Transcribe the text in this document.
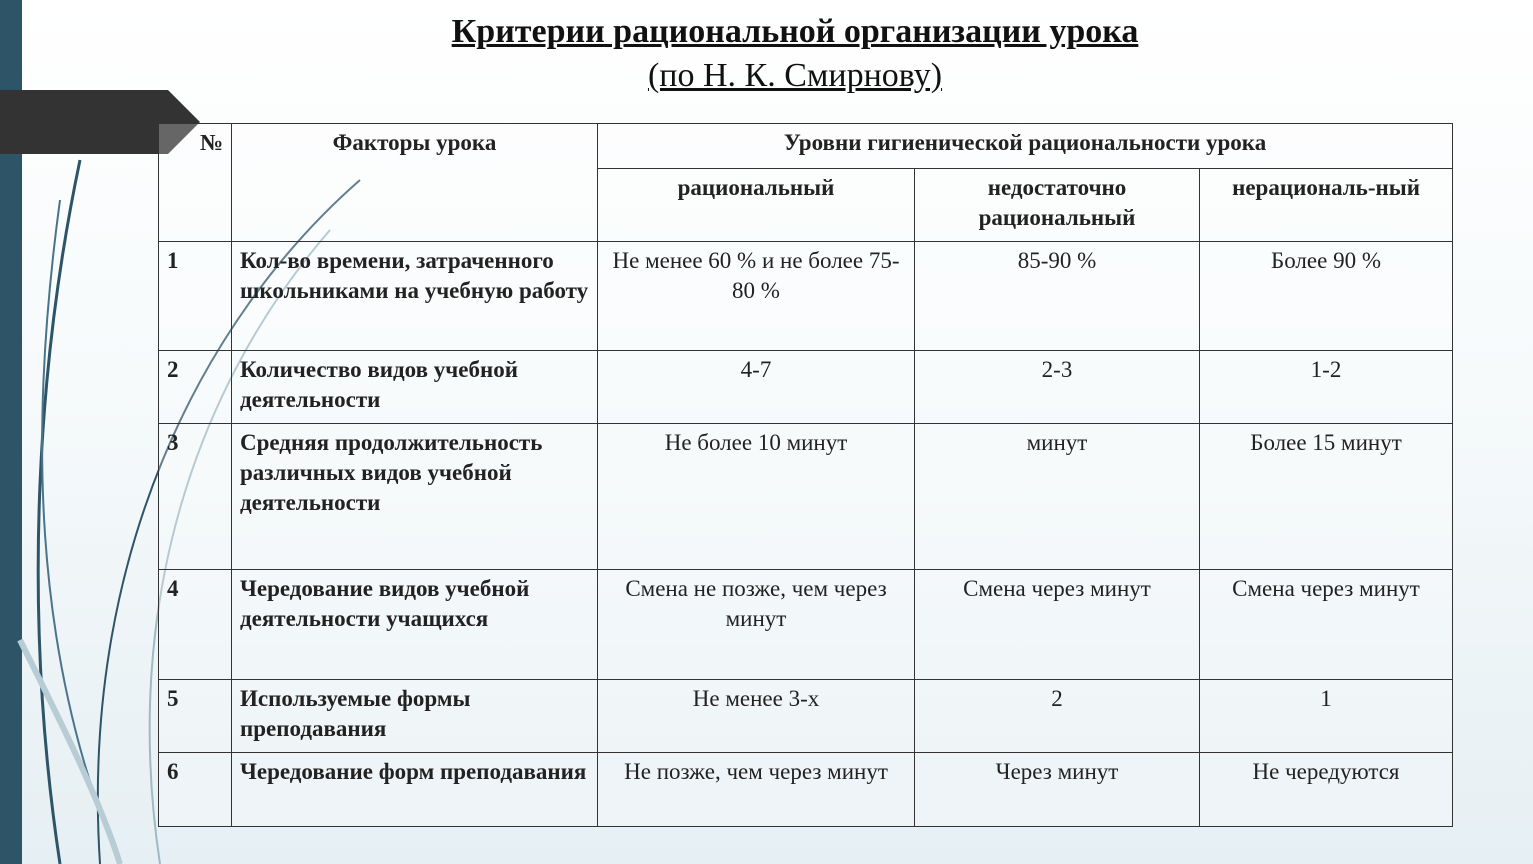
Критерии рациональной организации урока
(по Н. К. Смирнову)
№	Факторы урока	Уровни гигиенической рациональности урока		
		рациональный	недостаточно рациональный	нерациональ-ный
1	Кол-во времени, затраченного школьниками на учебную работу	Не менее 60 % и не более 75-80 %	85-90 %	Более 90 %
2	Количество видов учебной деятельности	4-7	2-3	1-2
3	Средняя продолжительность различных видов учебной деятельности	Не более 10 минут	минут	Более 15 минут
4	Чередование видов учебной деятельности учащихся	Смена не позже, чем через минут	Смена через минут	Смена через минут
5	Используемые формы преподавания	Не менее 3-х	2	1
6	Чередование форм преподавания	Не позже, чем через минут	Через минут	Не чередуются
